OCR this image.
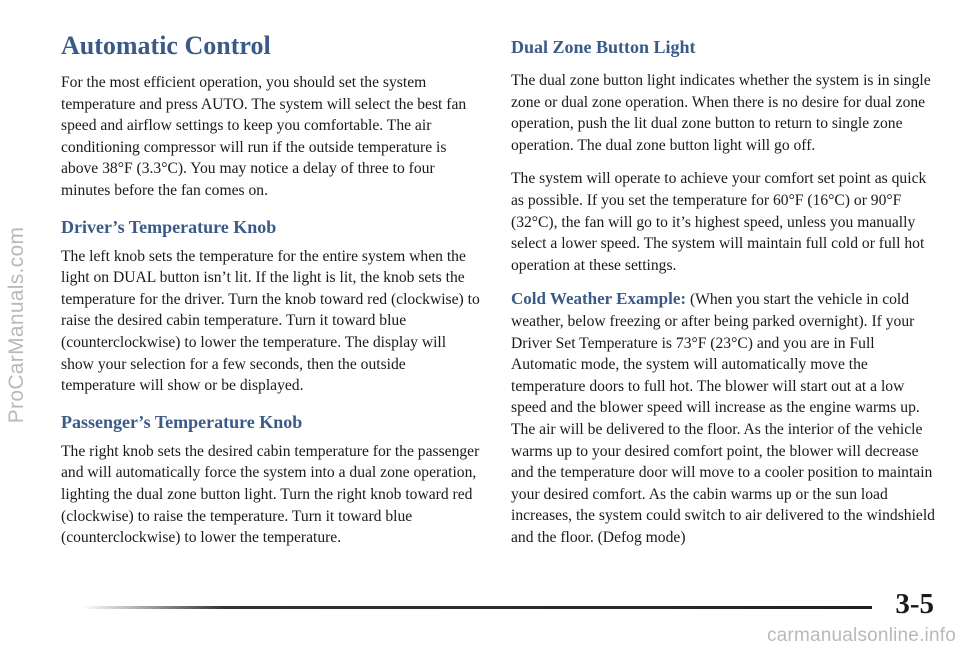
ProCarManuals.com
Automatic Control

For the most efficient operation, you should set the system temperature and press AUTO. The system will select the best fan speed and airflow settings to keep you comfortable. The air conditioning compressor will run if the outside temperature is above 38°F (3.3°C). You may notice a delay of three to four minutes before the fan comes on.

Driver’s Temperature Knob

The left knob sets the temperature for the entire system when the light on DUAL button isn’t lit. If the light is lit, the knob sets the temperature for the driver. Turn the knob toward red (clockwise) to raise the desired cabin temperature. Turn it toward blue (counterclockwise) to lower the temperature. The display will show your selection for a few seconds, then the outside temperature will show or be displayed.

Passenger’s Temperature Knob

The right knob sets the desired cabin temperature for the passenger and will automatically force the system into a dual zone operation, lighting the dual zone button light. Turn the right knob toward red (clockwise) to raise the temperature. Turn it toward blue (counterclockwise) to lower the temperature.

Dual Zone Button Light

The dual zone button light indicates whether the system is in single zone or dual zone operation. When there is no desire for dual zone operation, push the lit dual zone button to return to single zone operation. The dual zone button light will go off.

The system will operate to achieve your comfort set point as quick as possible. If you set the temperature for 60°F (16°C) or 90°F (32°C), the fan will go to it’s highest speed, unless you manually select a lower speed. The system will maintain full cold or full hot operation at these settings.

Cold Weather Example: (When you start the vehicle in cold weather, below freezing or after being parked overnight). If your Driver Set Temperature is 73°F (23°C) and you are in Full Automatic mode, the system will automatically move the temperature doors to full hot. The blower will start out at a low speed and the blower speed will increase as the engine warms up. The air will be delivered to the floor. As the interior of the vehicle warms up to your desired comfort point, the blower will decrease and the temperature door will move to a cooler position to maintain your desired comfort. As the cabin warms up or the sun load increases, the system could switch to air delivered to the windshield and the floor. (Defog mode)

3-5
carmanualsonline.info
